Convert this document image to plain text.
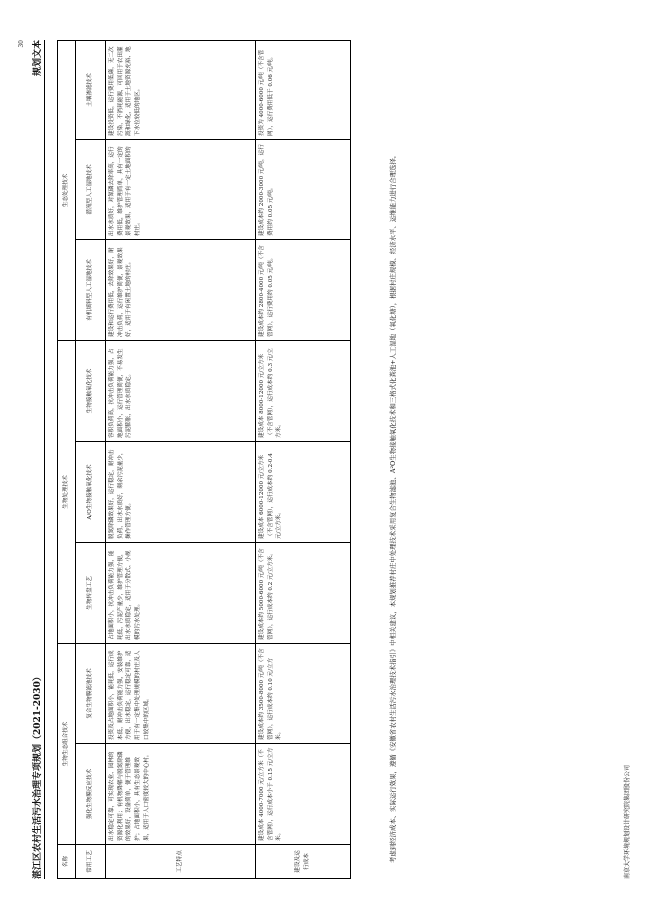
湛江区农村生活污水治理专项规划（2021-2030）
规划文本
30
名称	生物生态组合技术		生物处理技术			生态处理技术		
常用工艺	强化生物膜反应技术	复合生物膜滤池技术	生物转盘工艺	A/O生物接触氧化技术	生物接触氧化技术	有机填料型人工湿地技术	潜流型人工湿地技术	土壤渗滤技术
工艺特点	出水稳定可靠，可实现农业、园林的资源化利用；有机物降解与脱氮除磷的效果好，设备简单，便于管理维护；占地面积小，具有生态景观效果，适用于人口密度较大的中心村。	投资及占地面积小，能耗低，运行成本低，耐冲击负荷能力强，安装维护方便，出水稳定，运行稳定可靠，适用于有一定集中处理规模的村庄及人口较集中的区域。	占地面积小，抗冲击负荷能力强，能耗低，污泥产量少，维护管理方便，出水水质稳定，适用于分散式、小规模的污水处理。	脱氮除磷效果好，运行稳定，耐冲击负荷，出水水质好，剩余污泥量少，操作管理方便。	容积负荷高，抗冲击负荷能力强，占地面积小，运行管理简便，不易发生污泥膨胀，出水水质稳定。	建设和运行费用低，去除效果好，耐冲击负荷，运行维护简便，景观效果好，适用于有闲置土地的村庄。	出水水质好，对氮磷去除率高，运行费用低，维护管理简单，具有一定的景观效果，适用于有一定土地面积的村庄。	建设投资低，运行费用低廉，无二次污染，不消耗能源，可回用于农田灌溉和绿化，适用于土地资源充裕、地下水位较低的地区。
建设及运行成本	建设成本 4000-7000 元/立方米（不含管网），运行成本小于 0.15 元/立方米。	建设成本约 3500-8000 元/吨（不含管网），运行成本约 0.10 元/立方米。	建设成本约 5000-6000 元/吨（不含管网），运行成本约 0.2 元/立方米。	建设成本 6000-12000 元/立方米（不含管网），运行成本约 0.2-0.4 元/立方米。	建设成本 8000-12000 元/立方米（不含管网），运行成本约 0.3 元/立方米。	建设成本约 2800-4000 元/吨（不含管网），运行费用约 0.05 元/吨。	建设成本约 2000-3000 元/吨，运行费用约 0.05 元/吨。	投资为 4000-6000 元/吨（不含管网），运行费用低于 0.06 元/吨。
考虑到经济成本、实际运行效果，遵循《安徽省农村生活污水治理技术指引》中相关建议，本规划推荐村庄中处理技术采用复合生物滤池、A²O生物接触氧化技术和三格式化粪池+人工湿地（氧化塘），根据村庄规模、经济水平、运维能力进行合理选择。	南京大学环境规划设计研究院集团股份公司
